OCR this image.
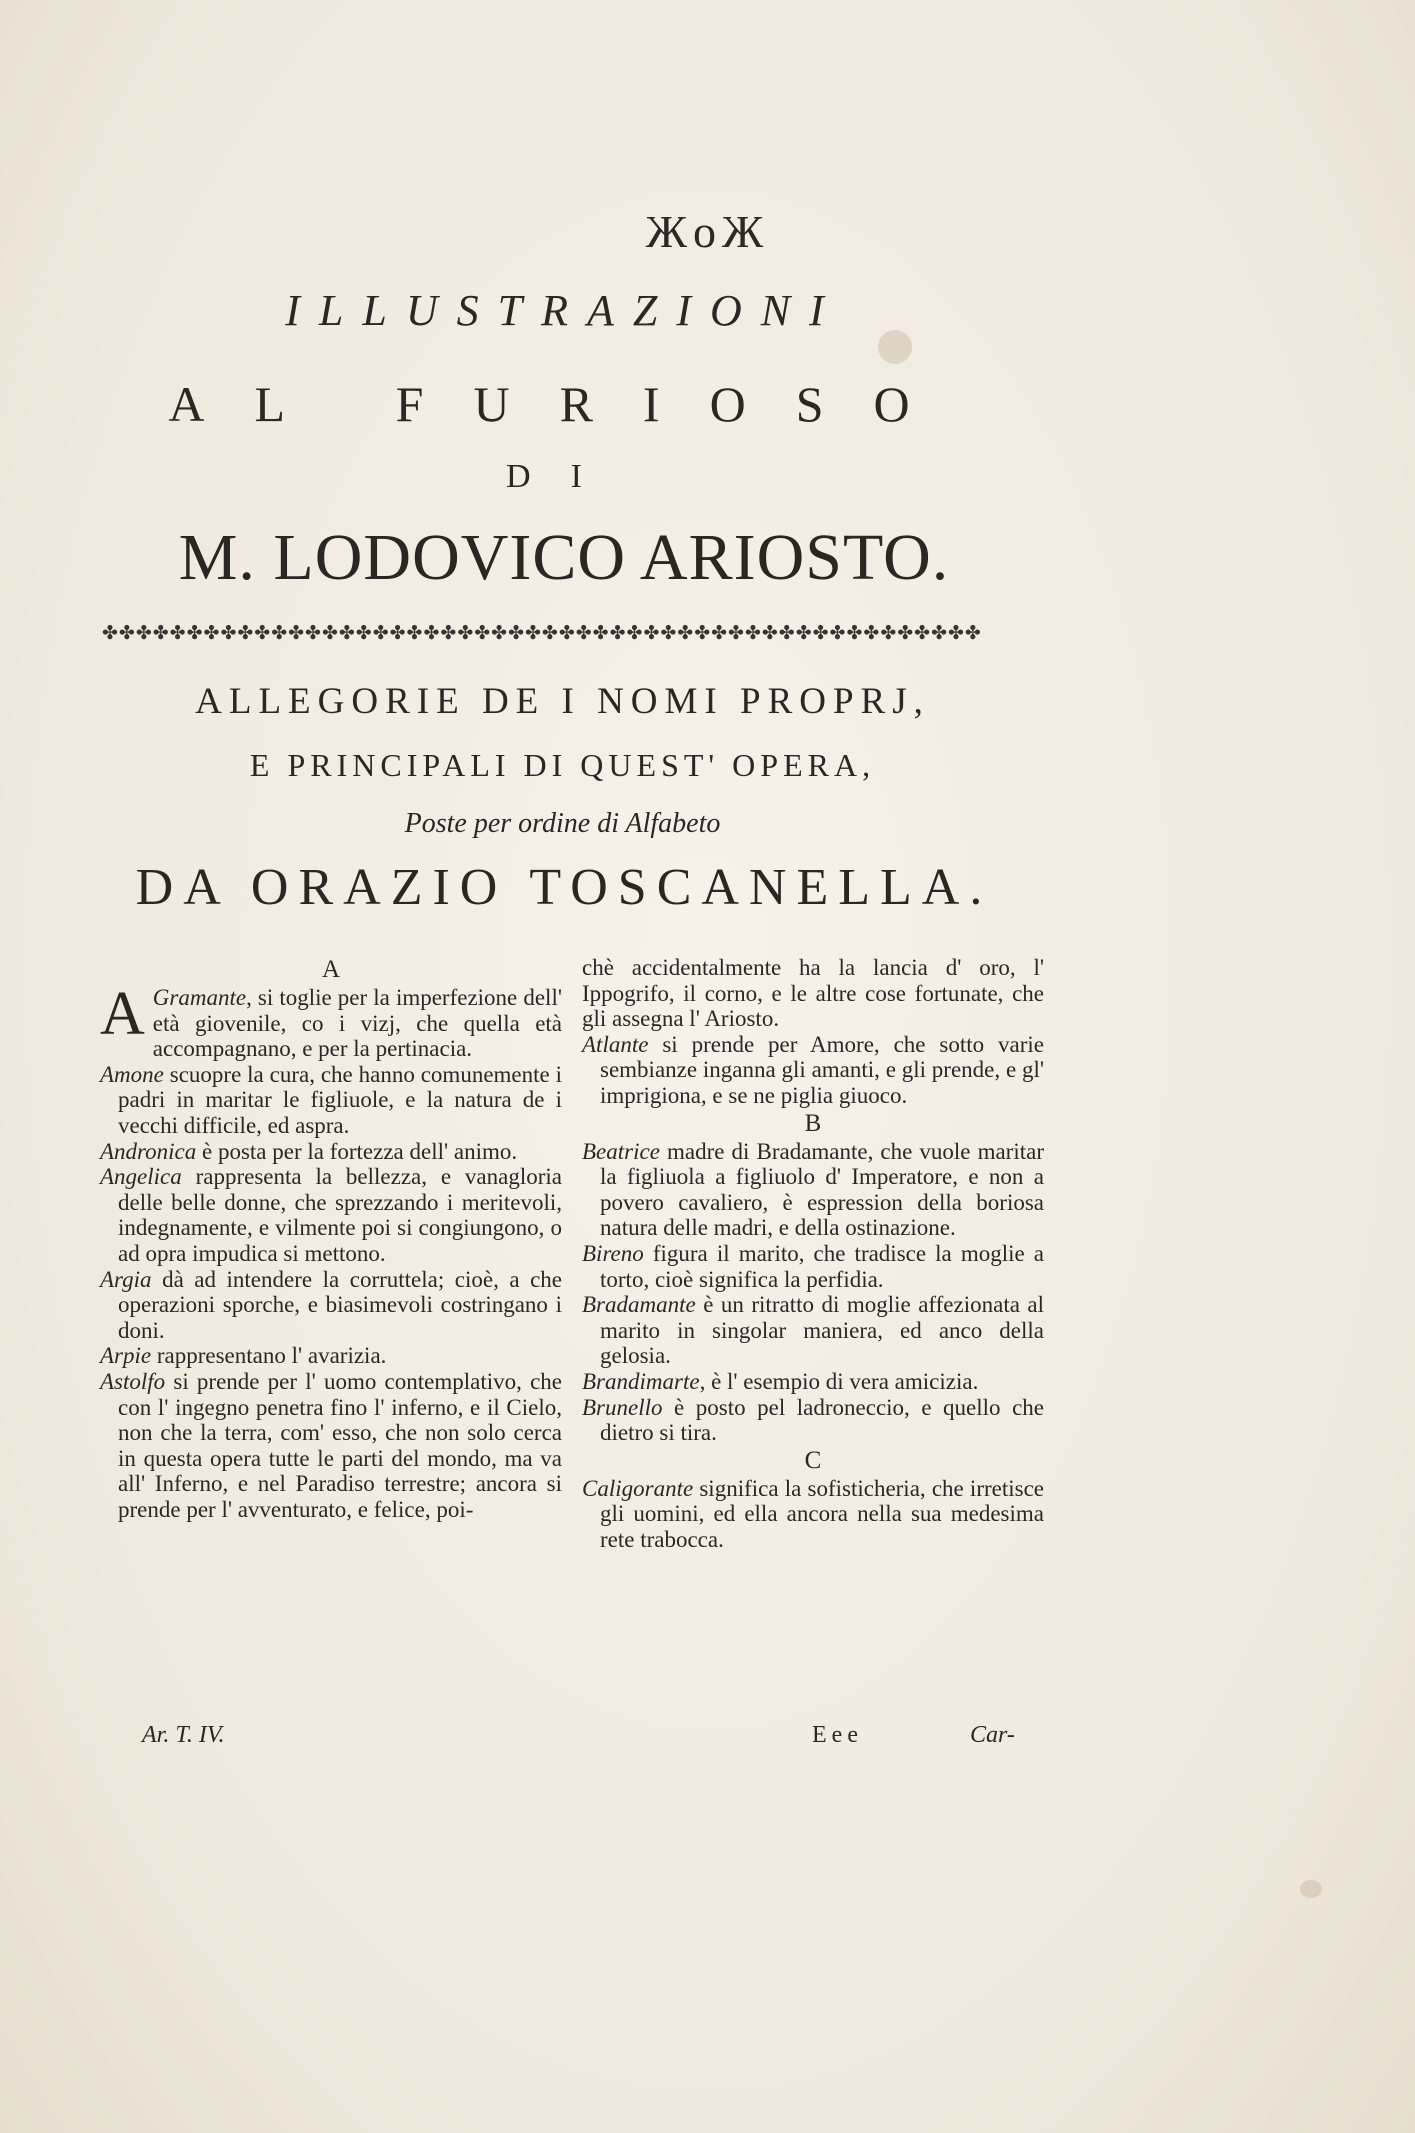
ЖoЖ
ILLUSTRAZIONI
AL FURIOSO
DI
M. LODOVICO ARIOSTO.
✤✤✤✤✤✤✤✤✤✤✤✤✤✤✤✤✤✤✤✤✤✤✤✤✤✤✤✤✤✤✤✤✤✤✤✤✤✤✤✤✤✤✤✤✤✤✤✤✤✤✤✤
ALLEGORIE DE I NOMI PROPRJ,
E PRINCIPALI DI QUEST' OPERA,
Poste per ordine di Alfabeto
DA ORAZIO TOSCANELLA.
A

A Gramante, si toglie per la imperfezione dell' età giovenile, co i vizj, che quella età accompagnano, e per la pertinacia.

Amone scuopre la cura, che hanno comunemente i padri in maritar le figliuole, e la natura de i vecchi difficile, ed aspra.

Andronica è posta per la fortezza dell' animo.

Angelica rappresenta la bellezza, e vanagloria delle belle donne, che sprezzando i meritevoli, indegnamente, e vilmente poi si congiungono, o ad opra impudica si mettono.

Argia dà ad intendere la corruttela; cioè, a che operazioni sporche, e biasimevoli costringano i doni.

Arpie rappresentano l' avarizia.

Astolfo si prende per l' uomo contemplativo, che con l' ingegno penetra fino l' inferno, e il Cielo, non che la terra, com' esso, che non solo cerca in questa opera tutte le parti del mondo, ma va all' Inferno, e nel Paradiso terrestre; ancora si prende per l' avventurato, e felice, poi-

chè accidentalmente ha la lancia d' oro, l' Ippogrifo, il corno, e le altre cose fortunate, che gli assegna l' Ariosto.

Atlante si prende per Amore, che sotto varie sembianze inganna gli amanti, e gli prende, e gl' imprigiona, e se ne piglia giuoco.

B

Beatrice madre di Bradamante, che vuole maritar la figliuola a figliuolo d' Imperatore, e non a povero cavaliero, è espression della boriosa natura delle madri, e della ostinazione.

Bireno figura il marito, che tradisce la moglie a torto, cioè significa la perfidia.

Bradamante è un ritratto di moglie affezionata al marito in singolar maniera, ed anco della gelosia.

Brandimarte, è l' esempio di vera amicizia.

Brunello è posto pel ladroneccio, e quello che dietro si tira.

C

Caligorante significa la sofisticheria, che irretisce gli uomini, ed ella ancora nella sua medesima rete trabocca.

Ar. T. IV.	Eee	Car-
